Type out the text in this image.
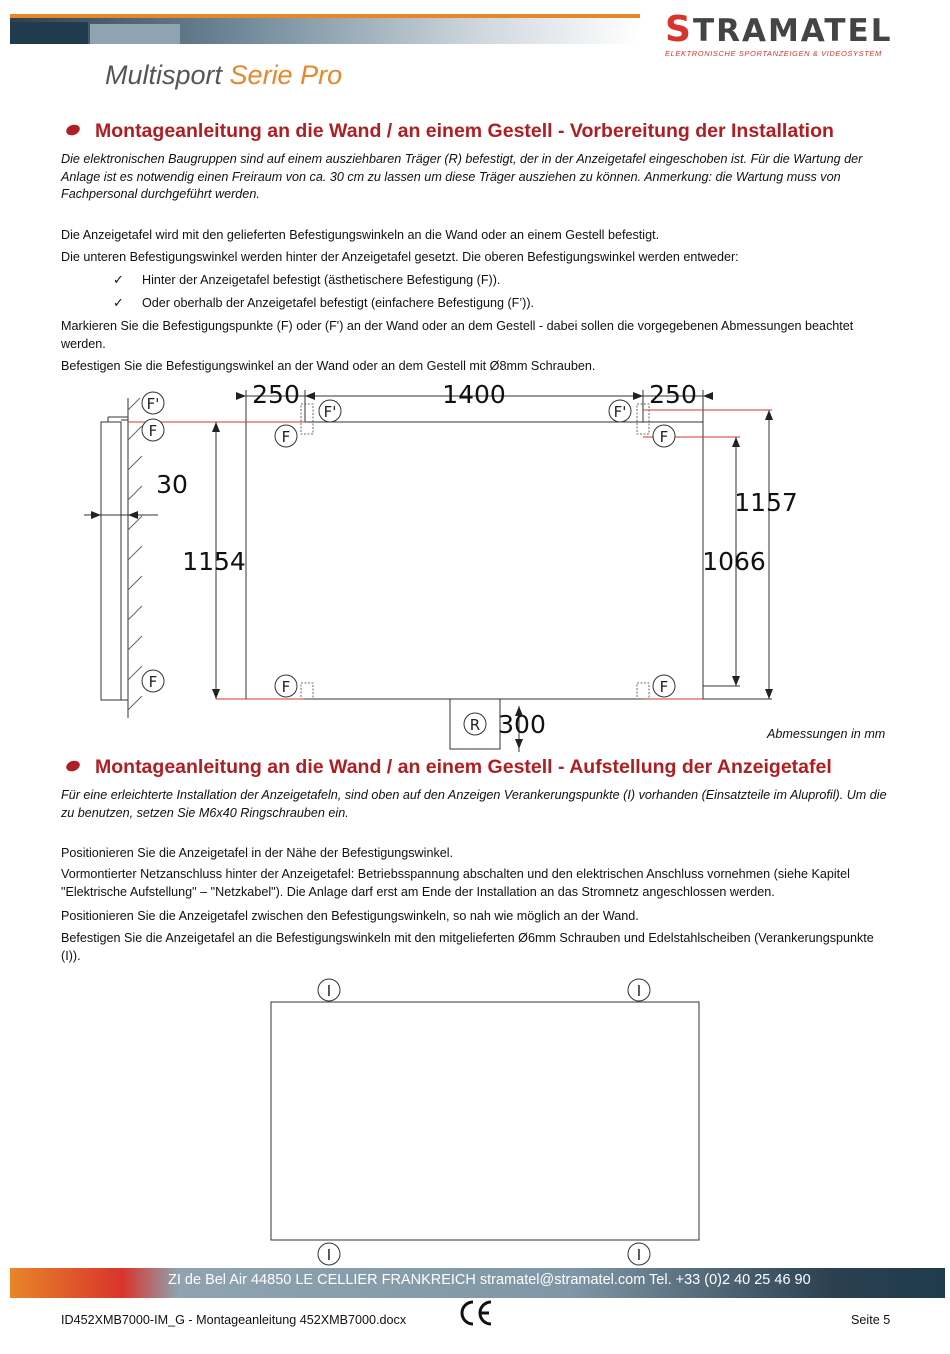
STRAMATEL
ELEKTRONISCHE SPORTANZEIGEN & VIDEOSYSTEM
Multisport Serie Pro
Montageanleitung an die Wand / an einem Gestell - Vorbereitung der Installation
Die elektronischen Baugruppen sind auf einem ausziehbaren Träger (R) befestigt, der in der Anzeigetafel eingeschoben ist. Für die Wartung der Anlage ist es notwendig einen Freiraum von ca. 30 cm zu lassen um diese Träger ausziehen zu können. Anmerkung: die Wartung muss von Fachpersonal durchgeführt werden.
Die Anzeigetafel wird mit den gelieferten Befestigungswinkeln an die Wand oder an einem Gestell befestigt.
Die unteren Befestigungswinkel werden hinter der Anzeigetafel gesetzt. Die oberen Befestigungswinkel werden entweder:
✓ Hinter der Anzeigetafel befestigt (ästhetischere Befestigung (F)).
✓ Oder oberhalb der Anzeigetafel befestigt (einfachere Befestigung (F’)).
Markieren Sie die Befestigungspunkte (F) oder (F') an der Wand oder an dem Gestell - dabei sollen die vorgegebenen Abmessungen beachtet werden.
Befestigen Sie die Befestigungswinkel an der Wand oder an dem Gestell mit Ø8mm Schrauben.
F'
F
F
F'	F'
F	F
F	F
R
250	1400	250
30
1154
1157
1066
300	Abmessungen in mm
Montageanleitung an die Wand / an einem Gestell - Aufstellung der Anzeigetafel
Für eine erleichterte Installation der Anzeigetafeln, sind oben auf den Anzeigen Verankerungspunkte (I) vorhanden (Einsatzteile im Aluprofil). Um die zu benutzen, setzen Sie M6x40 Ringschrauben ein.
Positionieren Sie die Anzeigetafel in der Nähe der Befestigungswinkel.
Vormontierter Netzanschluss hinter der Anzeigetafel: Betriebsspannung abschalten und den elektrischen Anschluss vornehmen (siehe Kapitel "Elektrische Aufstellung" – "Netzkabel"). Die Anlage darf erst am Ende der Installation an das Stromnetz angeschlossen werden.
Positionieren Sie die Anzeigetafel zwischen den Befestigungswinkeln, so nah wie möglich an der Wand.
Befestigen Sie die Anzeigetafel an die Befestigungswinkeln mit den mitgelieferten Ø6mm Schrauben und Edelstahlscheiben (Verankerungspunkte (I)).
I	I
I	I
ZI de Bel Air 44850 LE CELLIER FRANKREICH stramatel@stramatel.com Tel. +33 (0)2 40 25 46 90
ID452XMB7000-IM_G - Montageanleitung 452XMB7000.docx	Seite 5
